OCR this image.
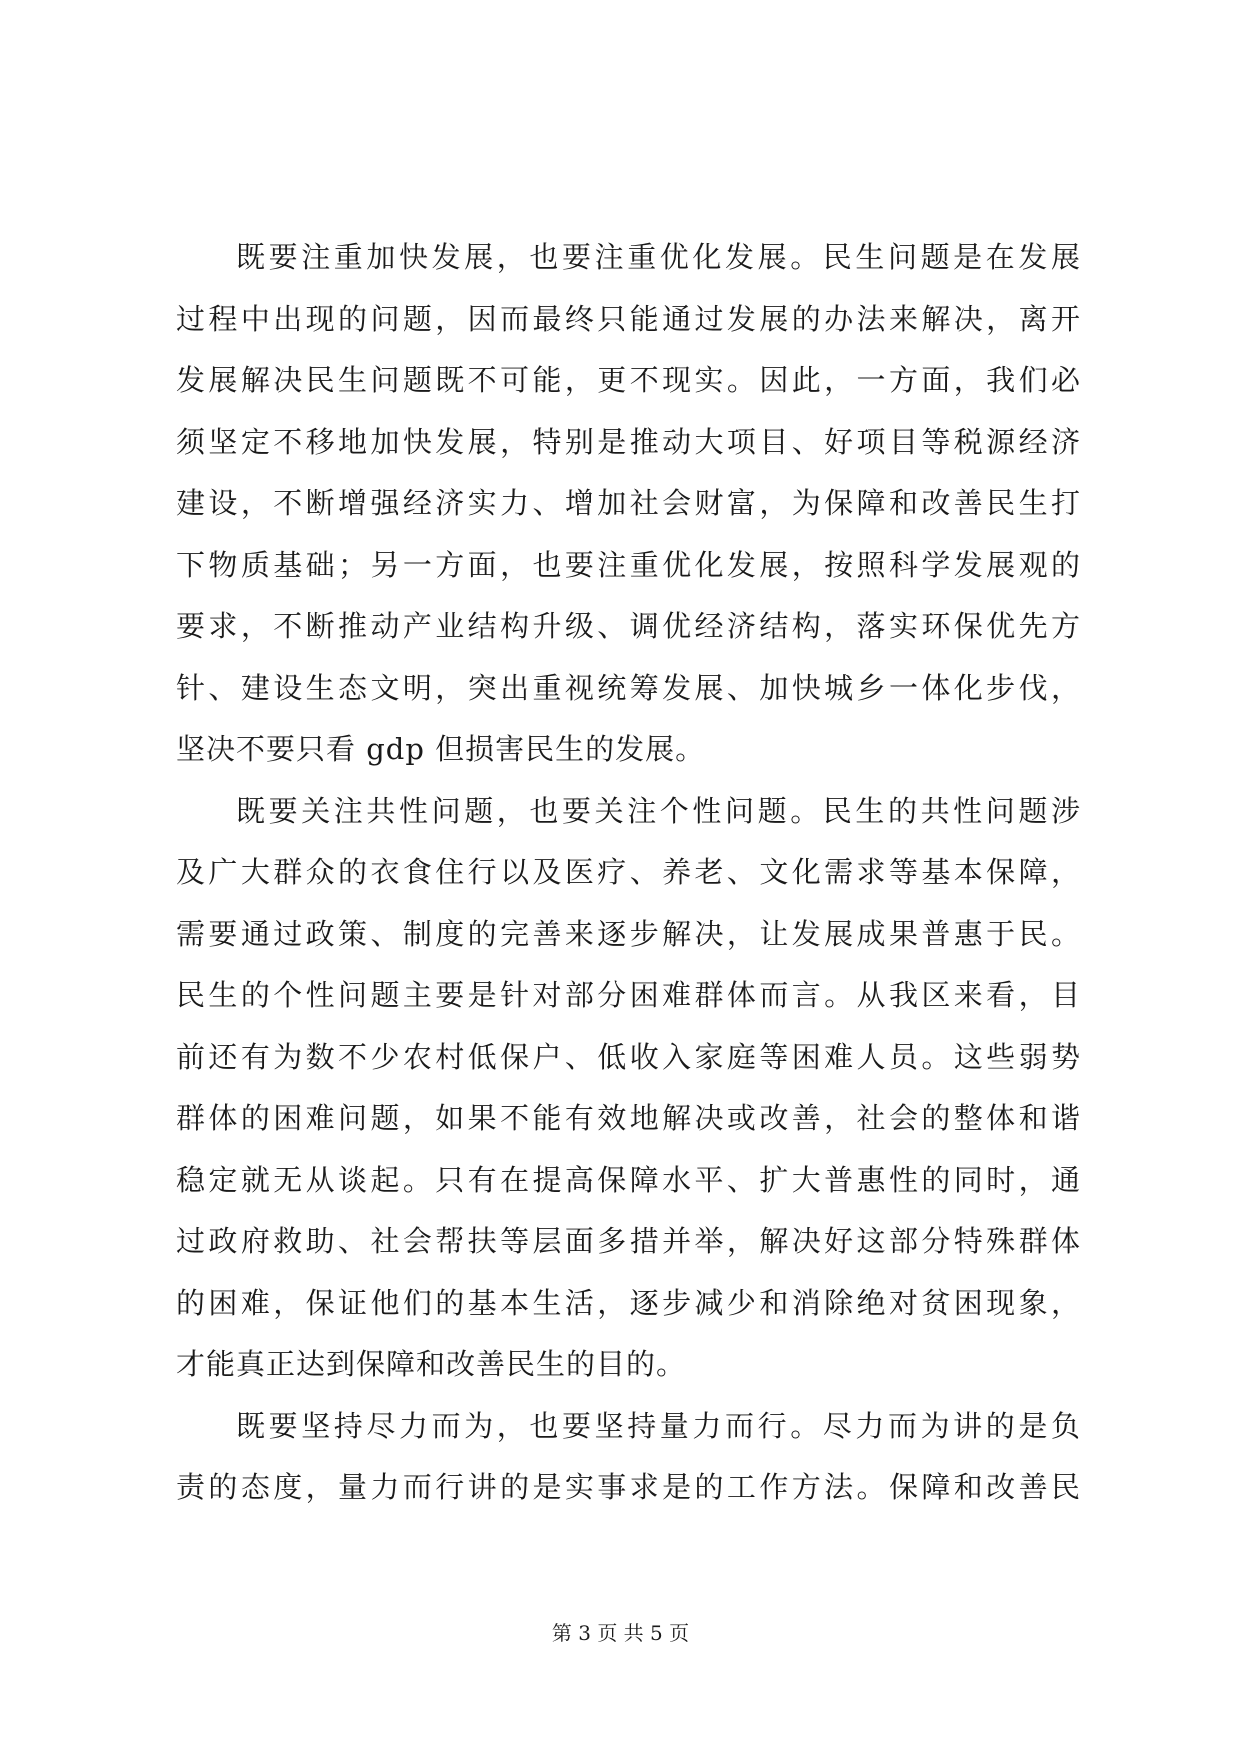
既要注重加快发展，也要注重优化发展。民生问题是在发展
过程中出现的问题，因而最终只能通过发展的办法来解决，离开
发展解决民生问题既不可能，更不现实。因此，一方面，我们必
须坚定不移地加快发展，特别是推动大项目、好项目等税源经济
建设，不断增强经济实力、增加社会财富，为保障和改善民生打
下物质基础；另一方面，也要注重优化发展，按照科学发展观的
要求，不断推动产业结构升级、调优经济结构，落实环保优先方
针、建设生态文明，突出重视统筹发展、加快城乡一体化步伐，
坚决不要只看 gdp 但损害民生的发展。
既要关注共性问题，也要关注个性问题。民生的共性问题涉
及广大群众的衣食住行以及医疗、养老、文化需求等基本保障，
需要通过政策、制度的完善来逐步解决，让发展成果普惠于民。
民生的个性问题主要是针对部分困难群体而言。从我区来看，目
前还有为数不少农村低保户、低收入家庭等困难人员。这些弱势
群体的困难问题，如果不能有效地解决或改善，社会的整体和谐
稳定就无从谈起。只有在提高保障水平、扩大普惠性的同时，通
过政府救助、社会帮扶等层面多措并举，解决好这部分特殊群体
的困难，保证他们的基本生活，逐步减少和消除绝对贫困现象，
才能真正达到保障和改善民生的目的。
既要坚持尽力而为，也要坚持量力而行。尽力而为讲的是负
责的态度，量力而行讲的是实事求是的工作方法。保障和改善民
第 3 页 共 5 页
